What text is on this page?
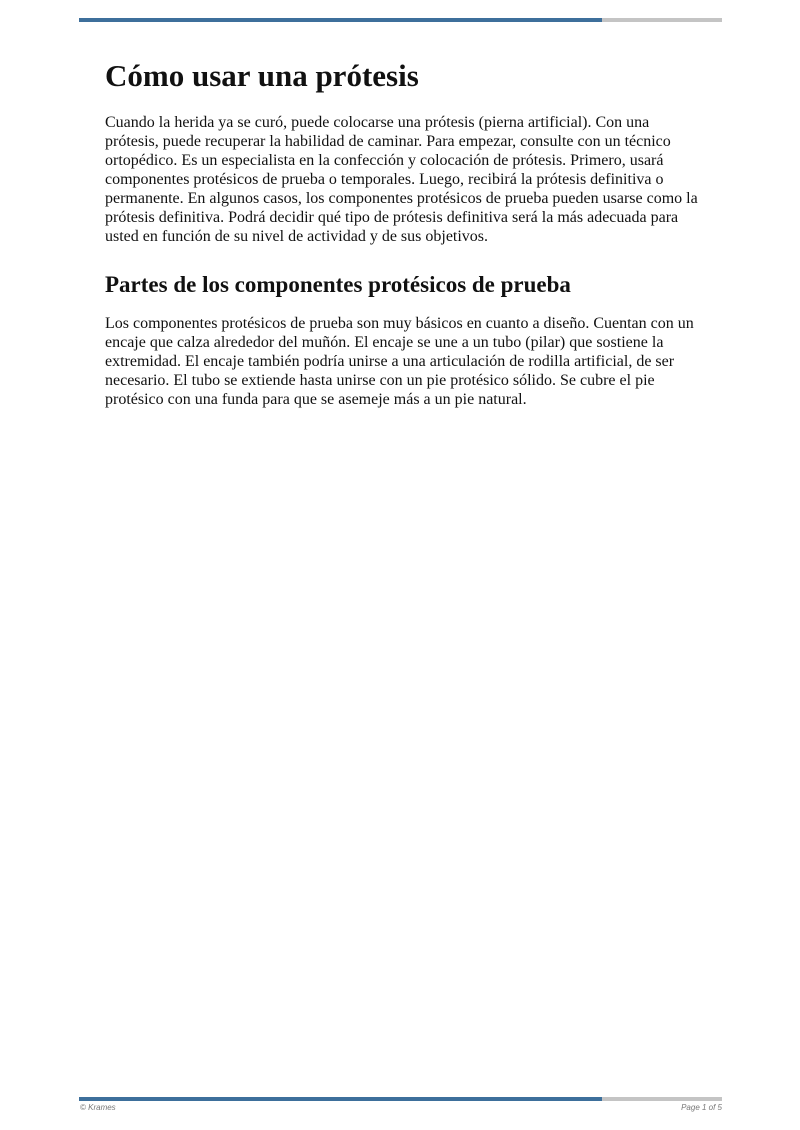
Cómo usar una prótesis

Cuando la herida ya se curó, puede colocarse una prótesis (pierna artificial). Con una prótesis, puede recuperar la habilidad de caminar. Para empezar, consulte con un técnico ortopédico. Es un especialista en la confección y colocación de prótesis. Primero, usará componentes protésicos de prueba o temporales. Luego, recibirá la prótesis definitiva o permanente. En algunos casos, los componentes protésicos de prueba pueden usarse como la prótesis definitiva. Podrá decidir qué tipo de prótesis definitiva será la más adecuada para usted en función de su nivel de actividad y de sus objetivos.

Partes de los componentes protésicos de prueba

Los componentes protésicos de prueba son muy básicos en cuanto a diseño. Cuentan con un encaje que calza alrededor del muñón. El encaje se une a un tubo (pilar) que sostiene la extremidad. El encaje también podría unirse a una articulación de rodilla artificial, de ser necesario. El tubo se extiende hasta unirse con un pie protésico sólido. Se cubre el pie protésico con una funda para que se asemeje más a un pie natural.

© Krames	Page 1 of 5
